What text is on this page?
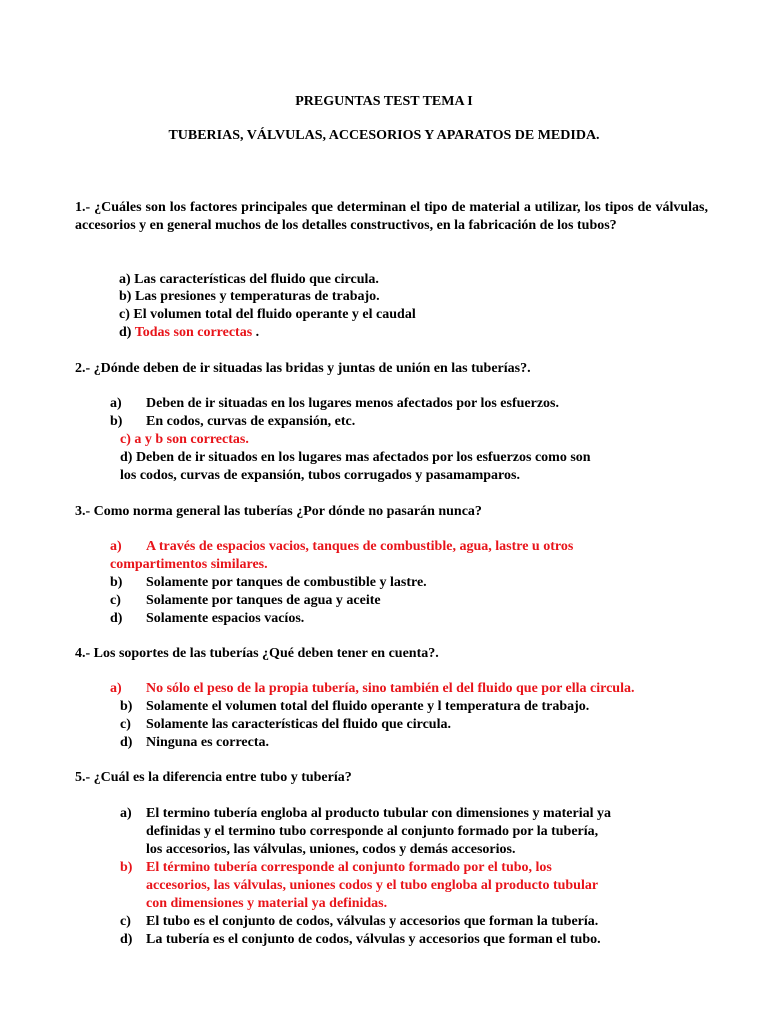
PREGUNTAS TEST TEMA I
TUBERIAS, VÁLVULAS, ACCESORIOS Y APARATOS DE MEDIDA.
1.- ¿Cuáles son los factores principales que determinan el tipo de material a utilizar, los tipos de válvulas, accesorios y en general muchos de los detalles constructivos, en la fabricación de los tubos?
a) Las características del fluido que circula.
b) Las presiones y temperaturas de trabajo.
c) El volumen total del fluido operante y el caudal
d) Todas son correctas .
2.- ¿Dónde deben de ir situadas las bridas y juntas de unión en las tuberías?.
a) Deben de ir situadas en los lugares menos afectados por los esfuerzos.
b) En codos, curvas de expansión, etc.
c) a y b son correctas.
d) Deben de ir situados en los lugares mas afectados por los esfuerzos como son
los codos, curvas de expansión, tubos corrugados y pasamamparos.
3.- Como norma general las tuberías ¿Por dónde no pasarán nunca?
a) A través de espacios vacios, tanques de combustible, agua, lastre u otros
compartimentos similares.
b) Solamente por tanques de combustible y lastre.
c) Solamente por tanques de agua y aceite
d) Solamente espacios vacíos.
4.- Los soportes de las tuberías ¿Qué deben tener en cuenta?.
a) No sólo el peso de la propia tubería, sino también el del fluido que por ella circula.
b) Solamente el volumen total del fluido operante y l temperatura de trabajo.
c) Solamente las características del fluido que circula.
d) Ninguna es correcta.
5.- ¿Cuál es la diferencia entre tubo y tubería?
a) El termino tubería engloba al producto tubular con dimensiones y material ya
definidas y el termino tubo corresponde al conjunto formado por la tubería,
los accesorios, las válvulas, uniones, codos y demás accesorios.
b) El término tubería corresponde al conjunto formado por el tubo, los
accesorios, las válvulas, uniones codos y el tubo engloba al producto tubular
con dimensiones y material ya definidas.
c) El tubo es el conjunto de codos, válvulas y accesorios que forman la tubería.
d) La tubería es el conjunto de codos, válvulas y accesorios que forman el tubo.
